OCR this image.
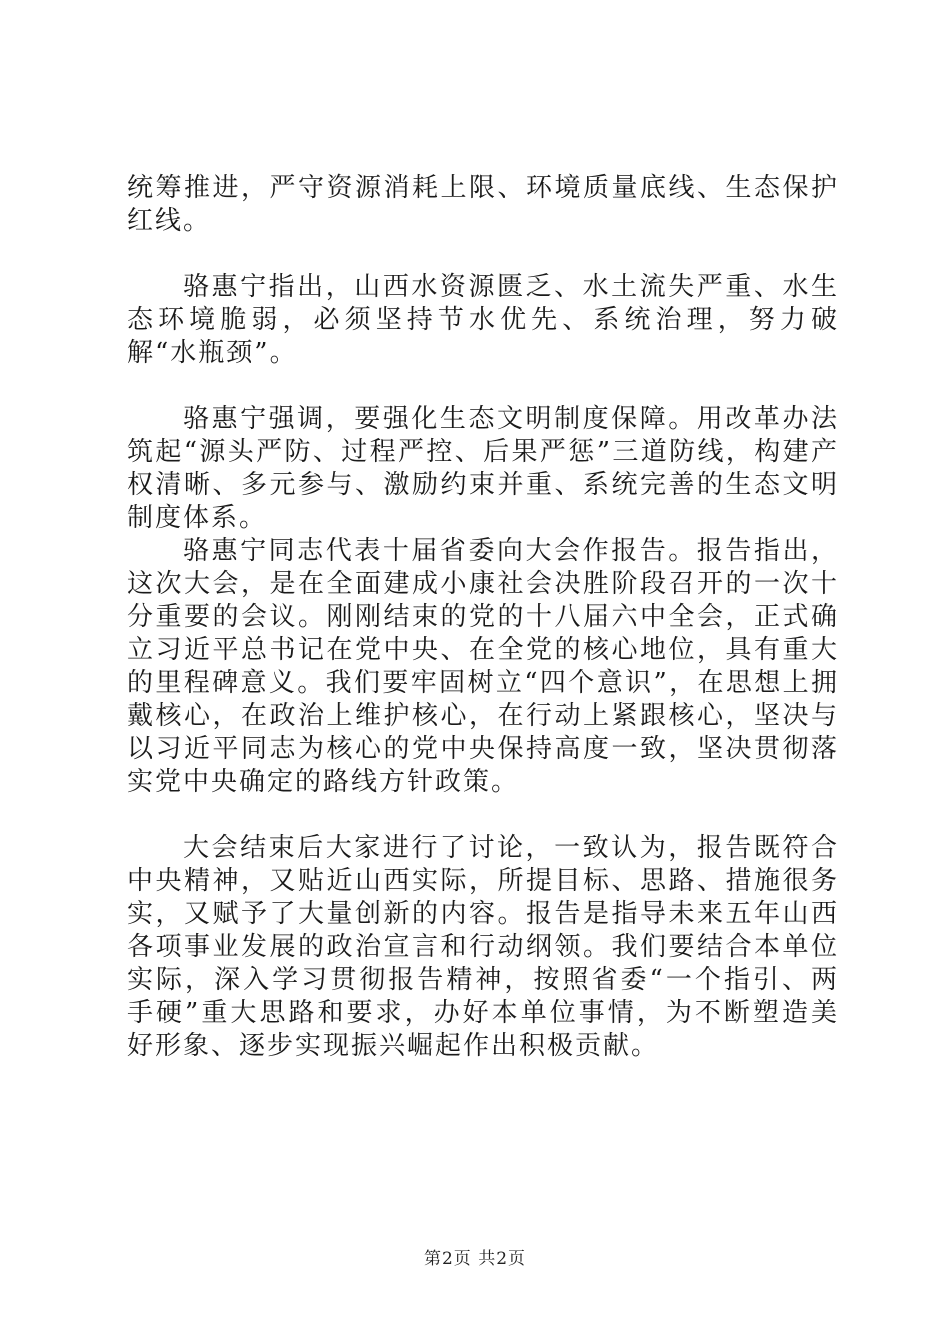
统筹推进，严守资源消耗上限、环境质量底线、生态保护红线。

骆惠宁指出，山西水资源匮乏、水土流失严重、水生态环境脆弱，必须坚持节水优先、系统治理，努力破解“水瓶颈”。

骆惠宁强调，要强化生态文明制度保障。用改革办法筑起“源头严防、过程严控、后果严惩”三道防线，构建产权清晰、多元参与、激励约束并重、系统完善的生态文明制度体系。

骆惠宁同志代表十届省委向大会作报告。报告指出，这次大会，是在全面建成小康社会决胜阶段召开的一次十分重要的会议。刚刚结束的党的十八届六中全会，正式确立习近平总书记在党中央、在全党的核心地位，具有重大的里程碑意义。我们要牢固树立“四个意识”，在思想上拥戴核心，在政治上维护核心，在行动上紧跟核心，坚决与以习近平同志为核心的党中央保持高度一致，坚决贯彻落实党中央确定的路线方针政策。

大会结束后大家进行了讨论，一致认为，报告既符合中央精神，又贴近山西实际，所提目标、思路、措施很务实，又赋予了大量创新的内容。报告是指导未来五年山西各项事业发展的政治宣言和行动纲领。我们要结合本单位实际，深入学习贯彻报告精神，按照省委“一个指引、两手硬”重大思路和要求，办好本单位事情，为不断塑造美好形象、逐步实现振兴崛起作出积极贡献。

第2页 共2页
